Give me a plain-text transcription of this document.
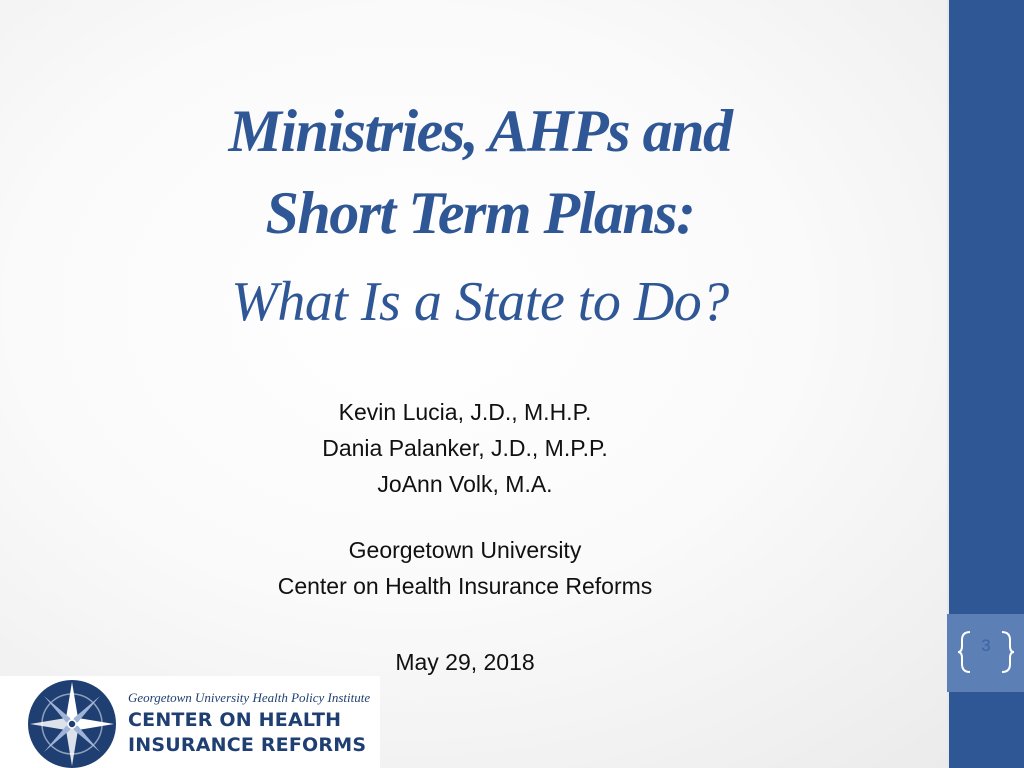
3
Ministries, AHPs and
Short Term Plans:
What Is a State to Do?
Kevin Lucia, J.D., M.H.P.
Dania Palanker, J.D., M.P.P.
JoAnn Volk, M.A.
Georgetown University
Center on Health Insurance Reforms
May 29, 2018
Georgetown University Health Policy Institute
CENTER ON HEALTH
INSURANCE REFORMS
